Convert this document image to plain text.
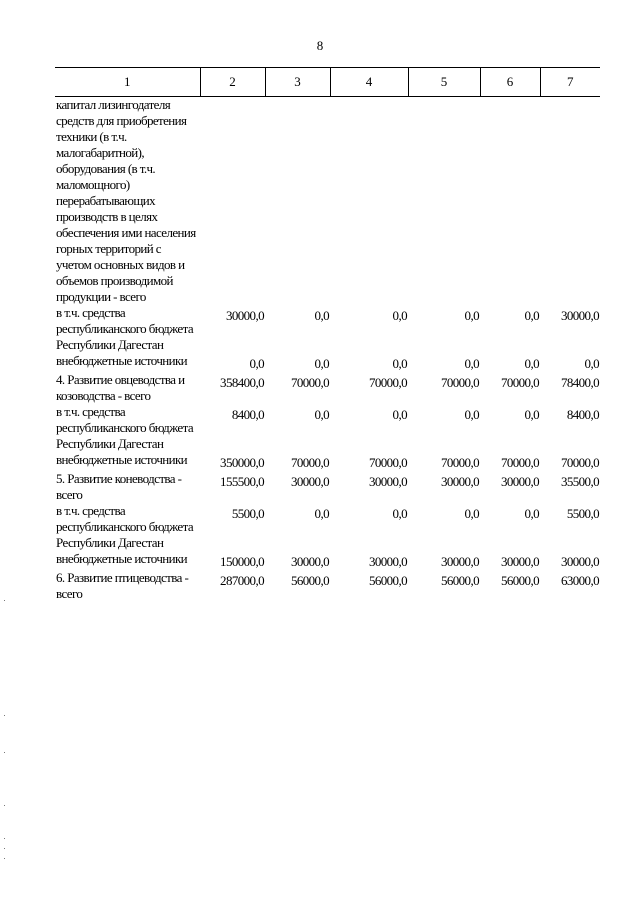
8
1	2	3	4	5	6	7
капитал лизингодателя средств для приобретения техники (в т.ч. малогабаритной), оборудования (в т.ч. маломощного) перерабатывающих производств в целях обеспечения ими населения горных территорий с учетом основных видов и объемов производимой продукции - всего						
в т.ч. средства республиканского бюджета Республики Дагестан	30000,0	0,0	0,0	0,0	0,0	30000,0
внебюджетные источники	0,0	0,0	0,0	0,0	0,0	0,0
4. Развитие овцеводства и козоводства - всего	358400,0	70000,0	70000,0	70000,0	70000,0	78400,0
в т.ч. средства республиканского бюджета Республики Дагестан	8400,0	0,0	0,0	0,0	0,0	8400,0
внебюджетные источники	350000,0	70000,0	70000,0	70000,0	70000,0	70000,0
5. Развитие коневодства - всего	155500,0	30000,0	30000,0	30000,0	30000,0	35500,0
в т.ч. средства республиканского бюджета Республики Дагестан	5500,0	0,0	0,0	0,0	0,0	5500,0
внебюджетные источники	150000,0	30000,0	30000,0	30000,0	30000,0	30000,0
6. Развитие птицеводства - всего	287000,0	56000,0	56000,0	56000,0	56000,0	63000,0
